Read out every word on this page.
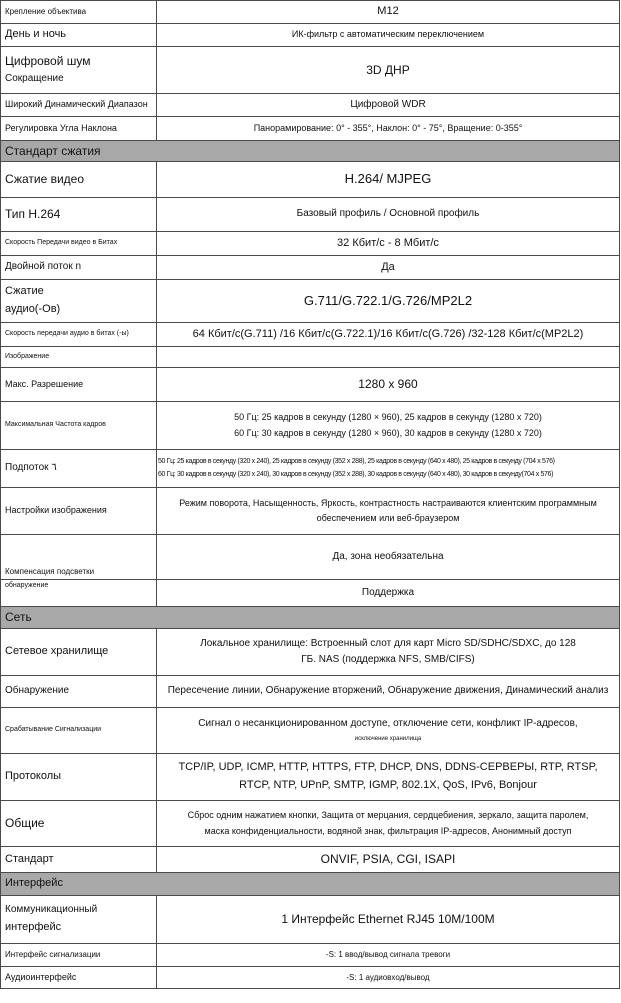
Крепление объектива	M12
День и ночь	ИК-фильтр с автоматическим переключением

Цифровой шум
Сокращение	3D ДНР
Широкий Динамический Диапазон	Цифровой WDR
Регулировка Угла Наклона	Панорамирование: 0° - 355°, Наклон: 0° - 75°, Вращение: 0-355°
Стандарт сжатия	
Сжатие видео	H.264/ MJPEG
Тип H.264	Базовый профиль / Основной профиль
Скорость Передачи видео в Битах	32 Кбит/с - 8 Мбит/с
Двойной поток n	Да

Сжатие
аудио(-Ов)	G.711/G.722.1/G.726/MP2L2
Скорость передачи аудио в битах (-ы)	64 Кбит/с(G.711) /16 Кбит/с(G.722.1)/16 Кбит/с(G.726) /32-128 Кбит/с(MP2L2)
Изображение	
Макс. Разрешение	1280 x 960
Максимальная Частота кадров	50 Гц: 25 кадров в секунду (1280 × 960), 25 кадров в секунду (1280 x 720)
60 Гц: 30 кадров в секунду (1280 × 960), 30 кадров в секунду (1280 x 720)

Подпоток ٦	50 Гц: 25 кадров в секунду (320 x 240), 25 кадров в секунду (352 x 288), 25 кадров в секунду (640 x 480), 25 кадров в секунду (704 x 576)
60 Гц: 30 кадров в секунду (320 x 240), 30 кадров в секунду (352 x 288), 30 кадров в секунду (640 x 480), 30 кадров в секунду(704 x 576)

Настройки изображения	Режим поворота, Насыщенность, Яркость, контрастность настраиваются клиентским программным
обеспечением или веб-браузером

Компенсация подсветки	Да, зона необязательна
обнаружение	Поддержка
Сеть	
Сетевое хранилище	Локальное хранилище: Встроенный слот для карт Micro SD/SDHC/SDXC, до 128
ГБ. NAS (поддержка NFS, SMB/CIFS)

Обнаружение	Пересечение линии, Обнаружение вторжений, Обнаружение движения, Динамический анализ
Срабатывание Сигнализации	Сигнал о несанкционированном доступе, отключение сети, конфликт IP-адресов,
исключение хранилища

Протоколы	TCP/IP, UDP, ICMP, HTTP, HTTPS, FTP, DHCP, DNS, DDNS-СЕРВЕРЫ, RTP, RTSP,
RTCP, NTP, UPnP, SMTP, IGMP, 802.1X, QoS, IPv6, Bonjour

Общие	Сброс одним нажатием кнопки, Защита от мерцания, сердцебиения, зеркало, защита паролем,
маска конфиденциальности, водяной знак, фильтрация IP-адресов, Анонимный доступ

Стандарт	ONVIF, PSIA, CGI, ISAPI
Интерфейс	

Коммуникационный
интерфейс	1 Интерфейс Ethernet RJ45 10M/100M
Интерфейс сигнализации	-S: 1 ввод/вывод сигнала тревоги
Аудиоинтерфейс	-S: 1 аудиовход/вывод
